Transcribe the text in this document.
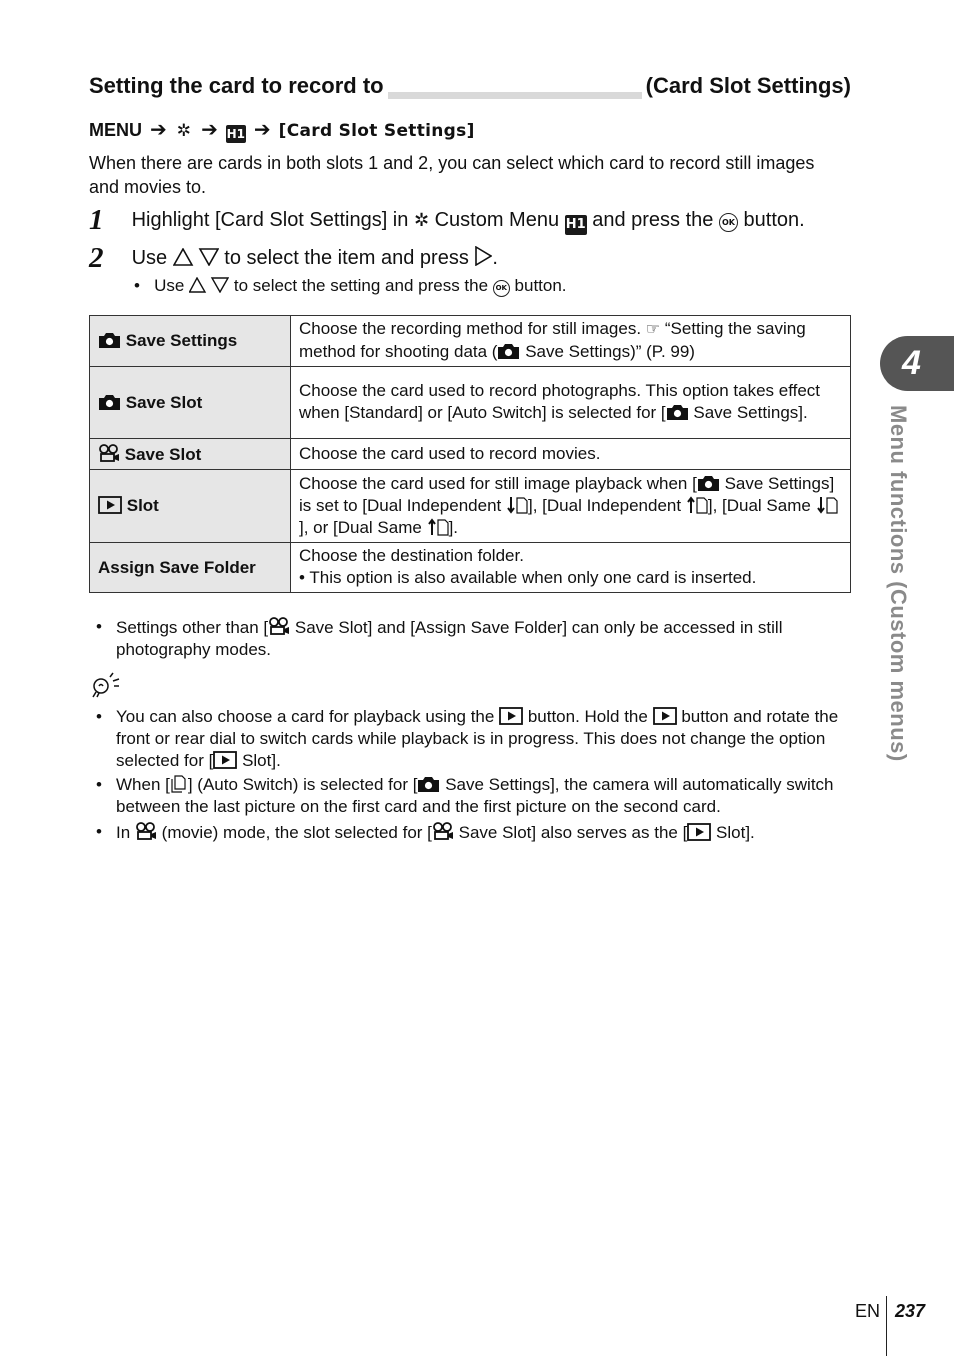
Setting the card to record to	(Card Slot Settings)
MENU ➔ ✲ ➔ H1 ➔ [Card Slot Settings]
When there are cards in both slots 1 and 2, you can select which card to record still images and movies to.
1 Highlight [Card Slot Settings] in ✲ Custom Menu H1 and press the OK button.
2 Use	to select the item and press .
•   Use	to select the setting and press the OK button.
Save Settings	Choose the recording method for still images. ☞ “Setting the saving method for shooting data ( Save Settings)” (P. 99)
Save Slot	Choose the card used to record photographs. This option takes effect when [Standard] or [Auto Switch] is selected for [ Save Settings].
Save Slot	Choose the card used to record movies.
Slot	Choose the card used for still image playback when [ Save Settings] is set to [Dual Independent ], [Dual Independent ], [Dual Same ], or [Dual Same ].
Assign Save Folder	Choose the destination folder.
• This option is also available when only one card is inserted.
• Settings other than [ Save Slot] and [Assign Save Folder] can only be accessed in still photography modes.
• You can also choose a card for playback using the button. Hold the button and rotate the front or rear dial to switch cards while playback is in progress. This does not change the option selected for [ Slot].
• When [ ] (Auto Switch) is selected for [ Save Settings], the camera will automatically switch between the last picture on the first card and the first picture on the second card.
• In (movie) mode, the slot selected for [ Save Slot] also serves as the [ Slot].
4
Menu functions (Custom menus)
EN 237
